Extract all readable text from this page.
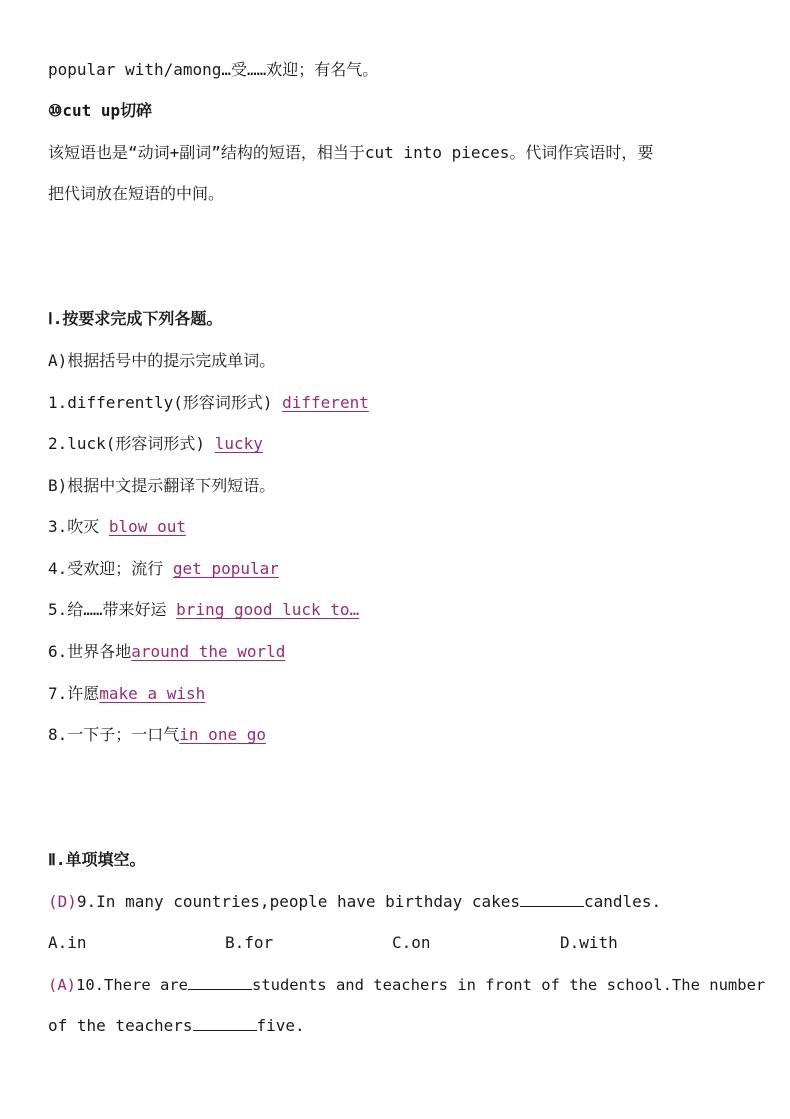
popular with/among…受……欢迎；有名气。
⑩cut up切碎
该短语也是“动词+副词”结构的短语，相当于cut into pieces。代词作宾语时，要
把代词放在短语的中间。
Ⅰ.按要求完成下列各题。
A)根据括号中的提示完成单词。
1.differently(形容词形式) different
2.luck(形容词形式) lucky
B)根据中文提示翻译下列短语。
3.吹灭 blow out
4.受欢迎；流行 get popular
5.给……带来好运 bring good luck to…
6.世界各地around the world
7.许愿make a wish
8.一下子；一口气in one go
Ⅱ.单项填空。
(D)9.In many countries,people have birthday cakes	candles.
A.in	B.for	C.on	D.with
(A)10.There are	students and teachers in front of the school.The number
of the teachers	five.
